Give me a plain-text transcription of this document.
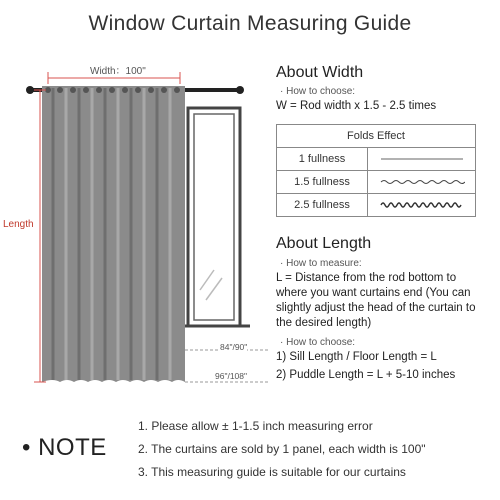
Window Curtain Measuring Guide
Width：100"
Length
84"/90"
96"/108"
About Width
· How to choose:
W = Rod width x 1.5 - 2.5 times
Folds Effect	
1 fullness	

1.5 fullness	

2.5 fullness	
About Length
· How to measure:
L = Distance from the rod bottom to
where you want curtains end (You can
slightly adjust the head of the curtain to
the desired length)
· How to choose:
1) Sill Length / Floor Length = L
2) Puddle Length = L + 5-10 inches
• NOTE
1. Please allow ± 1-1.5 inch measuring error
2. The curtains are sold by 1 panel, each width is 100"
3. This measuring guide is suitable for our curtains
